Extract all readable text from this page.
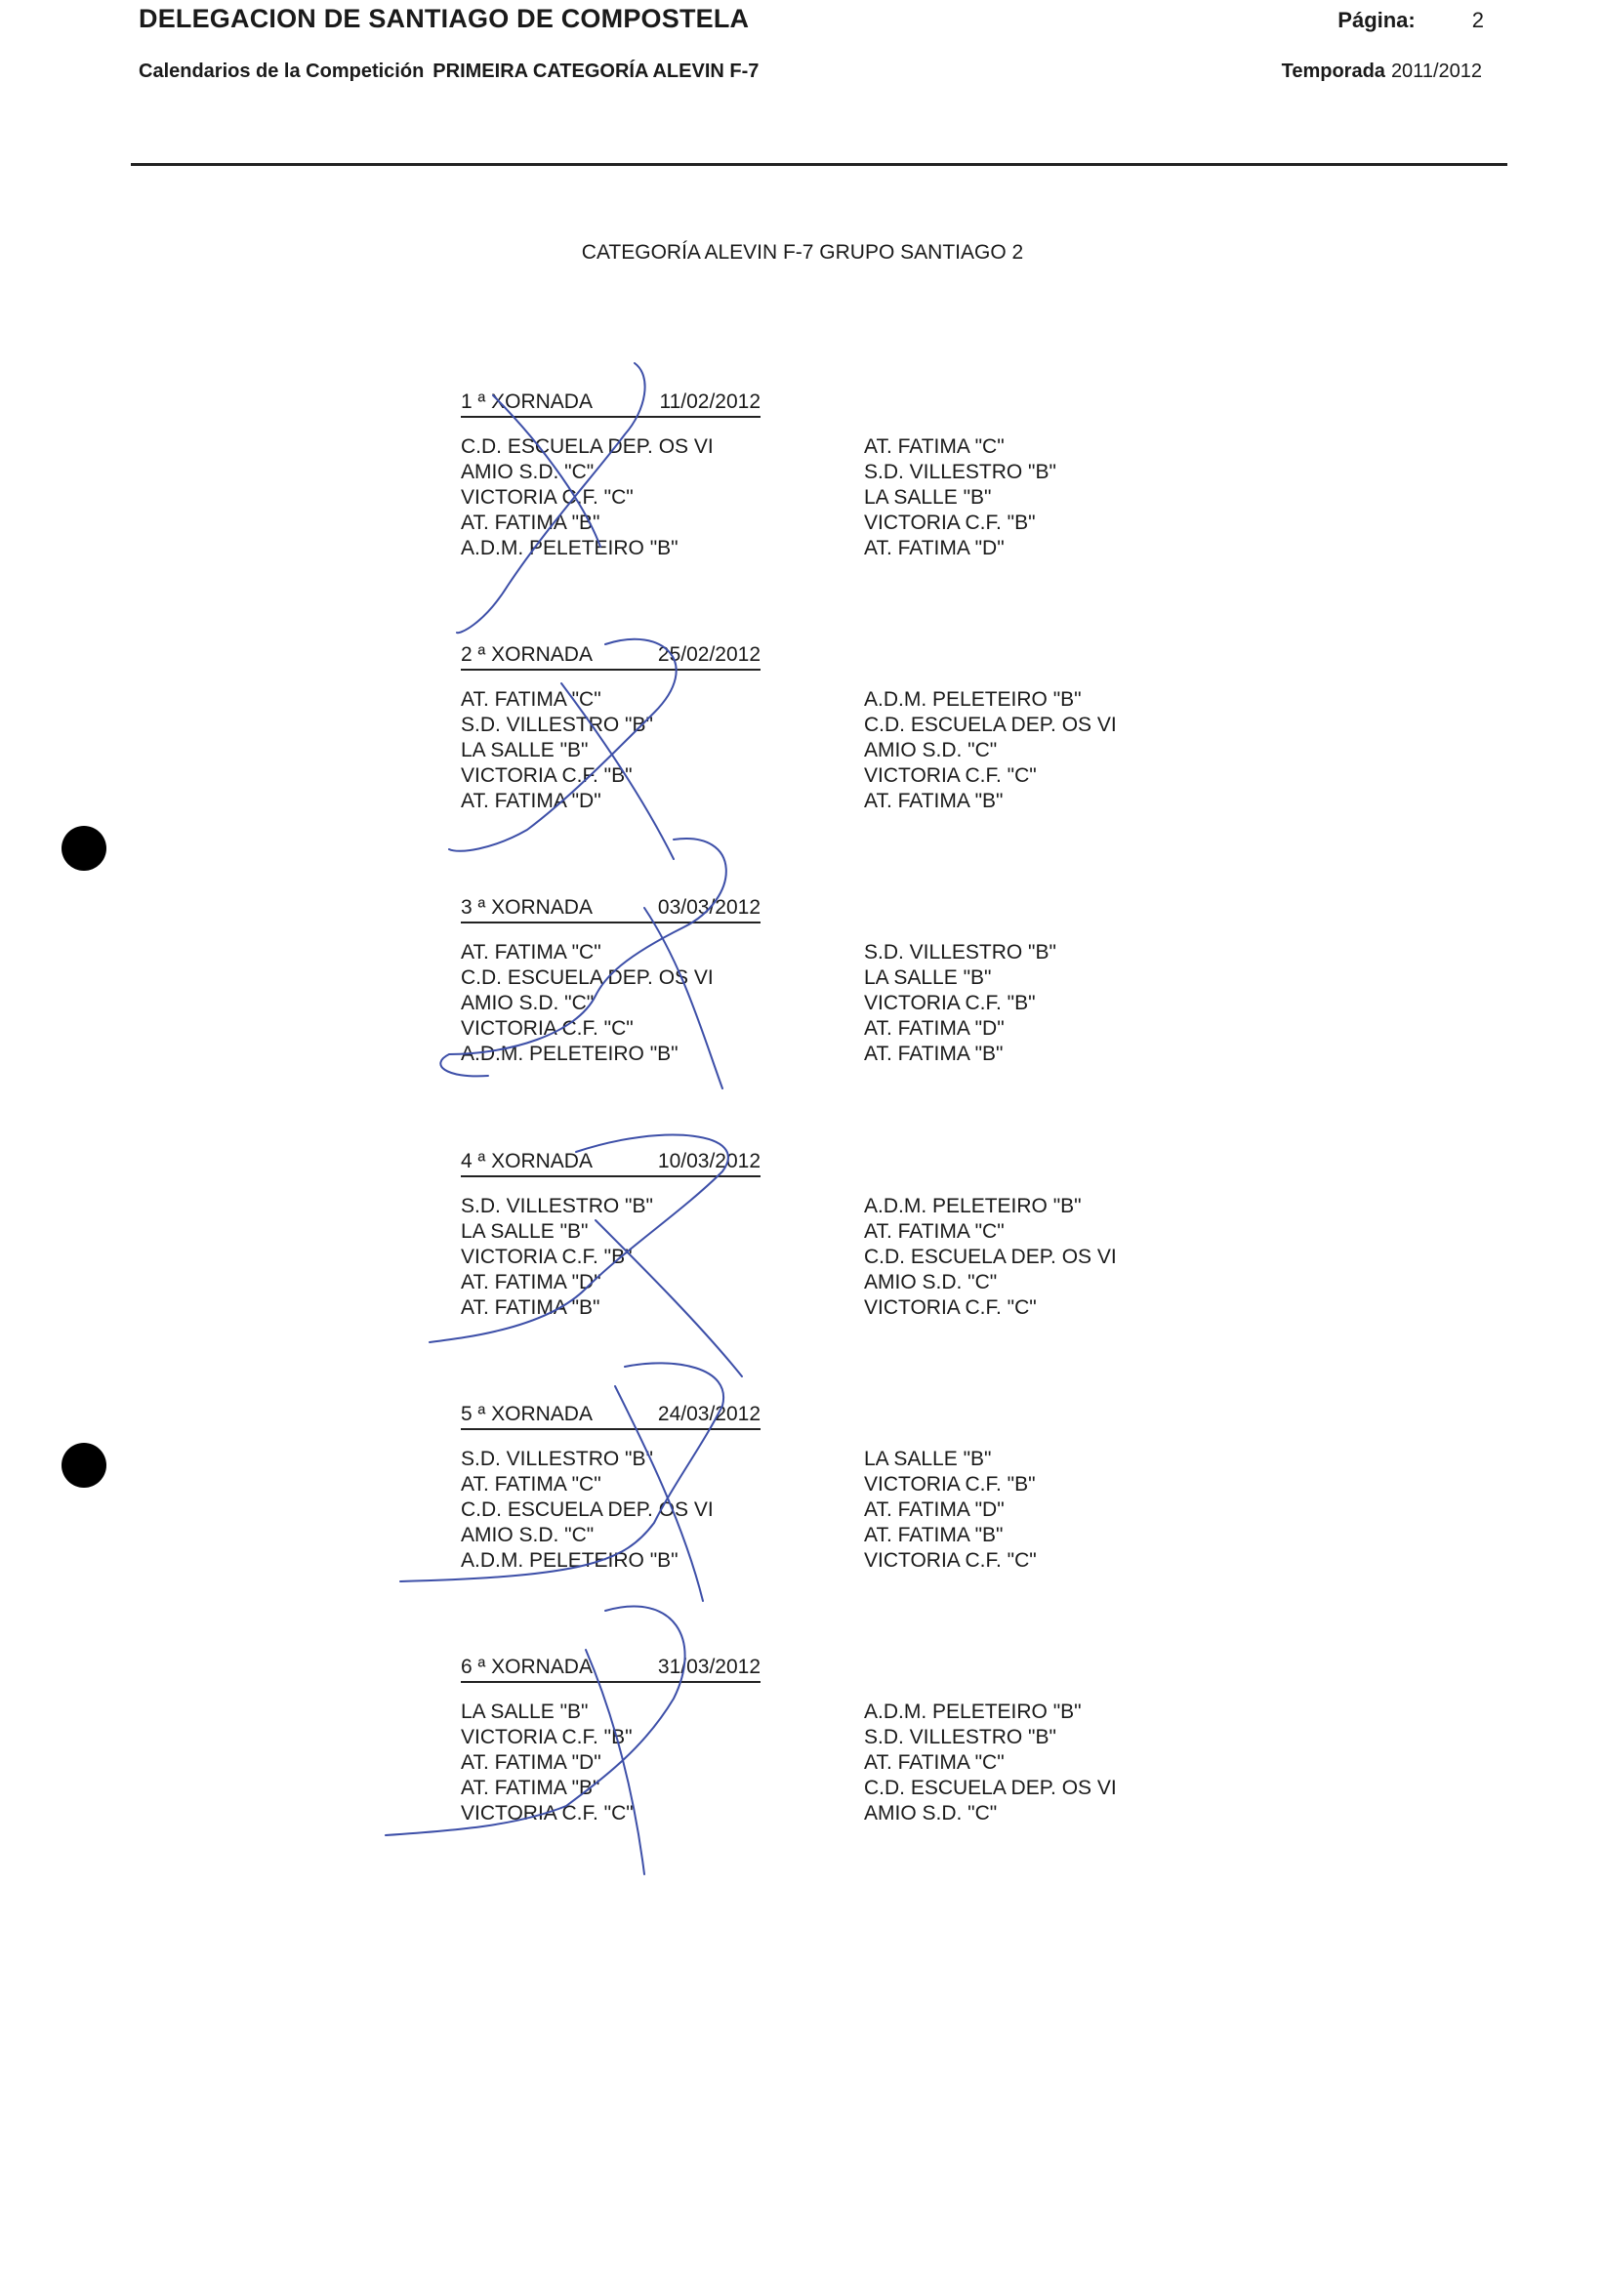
DELEGACION DE SANTIAGO DE COMPOSTELA	Página:	2
Calendarios de la Competición PRIMEIRA CATEGORÍA ALEVIN F-7	Temporada 2011/2012
CATEGORÍA ALEVIN F-7 GRUPO SANTIAGO 2
1 ª XORNADA	11/02/2012
C.D. ESCUELA DEP. OS VI	AT. FATIMA "C"
AMIO S.D. "C"	S.D. VILLESTRO "B"
VICTORIA C.F. "C"	LA SALLE "B"
AT. FATIMA "B"	VICTORIA C.F. "B"
A.D.M. PELETEIRO "B"	AT. FATIMA "D"
2 ª XORNADA	25/02/2012
AT. FATIMA "C"	A.D.M. PELETEIRO "B"
S.D. VILLESTRO "B"	C.D. ESCUELA DEP. OS VI
LA SALLE "B"	AMIO S.D. "C"
VICTORIA C.F. "B"	VICTORIA C.F. "C"
AT. FATIMA "D"	AT. FATIMA "B"
3 ª XORNADA	03/03/2012
AT. FATIMA "C"	S.D. VILLESTRO "B"
C.D. ESCUELA DEP. OS VI	LA SALLE "B"
AMIO S.D. "C"	VICTORIA C.F. "B"
VICTORIA C.F. "C"	AT. FATIMA "D"
A.D.M. PELETEIRO "B"	AT. FATIMA "B"
4 ª XORNADA	10/03/2012
S.D. VILLESTRO "B"	A.D.M. PELETEIRO "B"
LA SALLE "B"	AT. FATIMA "C"
VICTORIA C.F. "B"	C.D. ESCUELA DEP. OS VI
AT. FATIMA "D"	AMIO S.D. "C"
AT. FATIMA "B"	VICTORIA C.F. "C"
5 ª XORNADA	24/03/2012
S.D. VILLESTRO "B"	LA SALLE "B"
AT. FATIMA "C"	VICTORIA C.F. "B"
C.D. ESCUELA DEP. OS VI	AT. FATIMA "D"
AMIO S.D. "C"	AT. FATIMA "B"
A.D.M. PELETEIRO "B"	VICTORIA C.F. "C"
6 ª XORNADA	31/03/2012
LA SALLE "B"	A.D.M. PELETEIRO "B"
VICTORIA C.F. "B"	S.D. VILLESTRO "B"
AT. FATIMA "D"	AT. FATIMA "C"
AT. FATIMA "B"	C.D. ESCUELA DEP. OS VI
VICTORIA C.F. "C"	AMIO S.D. "C"
